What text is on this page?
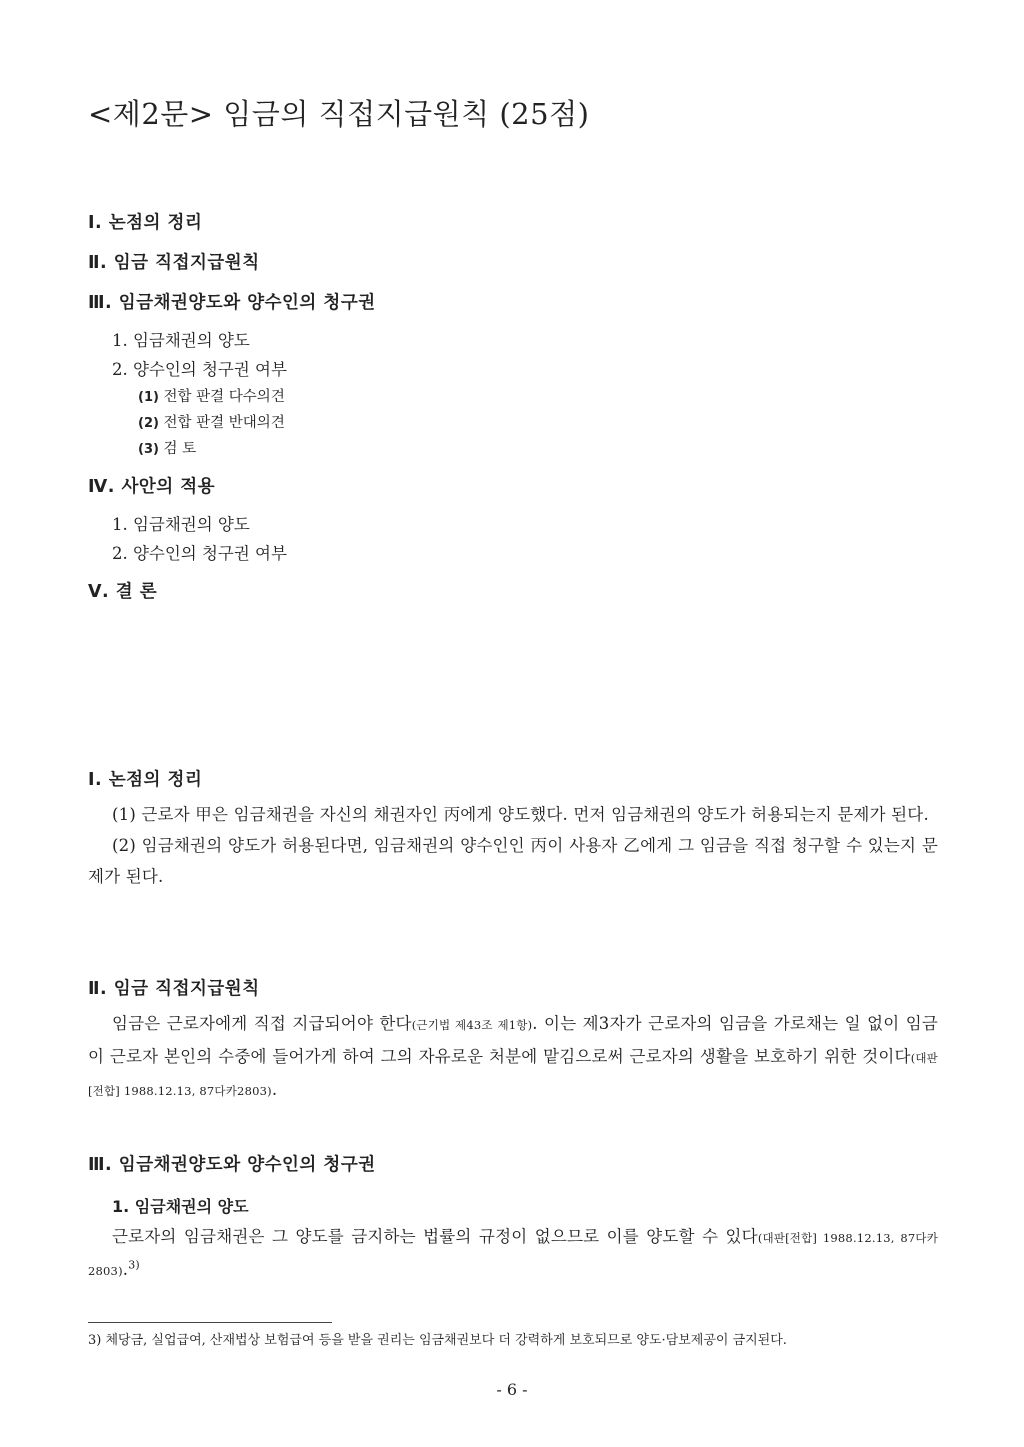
<제2문> 임금의 직접지급원칙 (25점)
Ⅰ. 논점의 정리
Ⅱ. 임금 직접지급원칙
Ⅲ. 임금채권양도와 양수인의 청구권
1. 임금채권의 양도
2. 양수인의 청구권 여부
(1) 전합 판결 다수의견
(2) 전합 판결 반대의견
(3) 검 토
Ⅳ. 사안의 적용
1. 임금채권의 양도
2. 양수인의 청구권 여부
Ⅴ. 결 론
Ⅰ. 논점의 정리

(1) 근로자 甲은 임금채권을 자신의 채권자인 丙에게 양도했다. 먼저 임금채권의 양도가 허용되는지 문제가 된다.

(2) 임금채권의 양도가 허용된다면, 임금채권의 양수인인 丙이 사용자 乙에게 그 임금을 직접 청구할 수 있는지 문제가 된다.

Ⅱ. 임금 직접지급원칙

임금은 근로자에게 직접 지급되어야 한다(근기법 제43조 제1항). 이는 제3자가 근로자의 임금을 가로채는 일 없이 임금이 근로자 본인의 수중에 들어가게 하여 그의 자유로운 처분에 맡김으로써 근로자의 생활을 보호하기 위한 것이다(대판[전합] 1988.12.13, 87다카2803).

Ⅲ. 임금채권양도와 양수인의 청구권
1. 임금채권의 양도

근로자의 임금채권은 그 양도를 금지하는 법률의 규정이 없으므로 이를 양도할 수 있다(대판[전합] 1988.12.13, 87다카2803).$^{3)}$

3) 체당금, 실업급여, 산재법상 보험급여 등을 받을 권리는 임금채권보다 더 강력하게 보호되므로 양도·담보제공이 금지된다.

- 6 -
